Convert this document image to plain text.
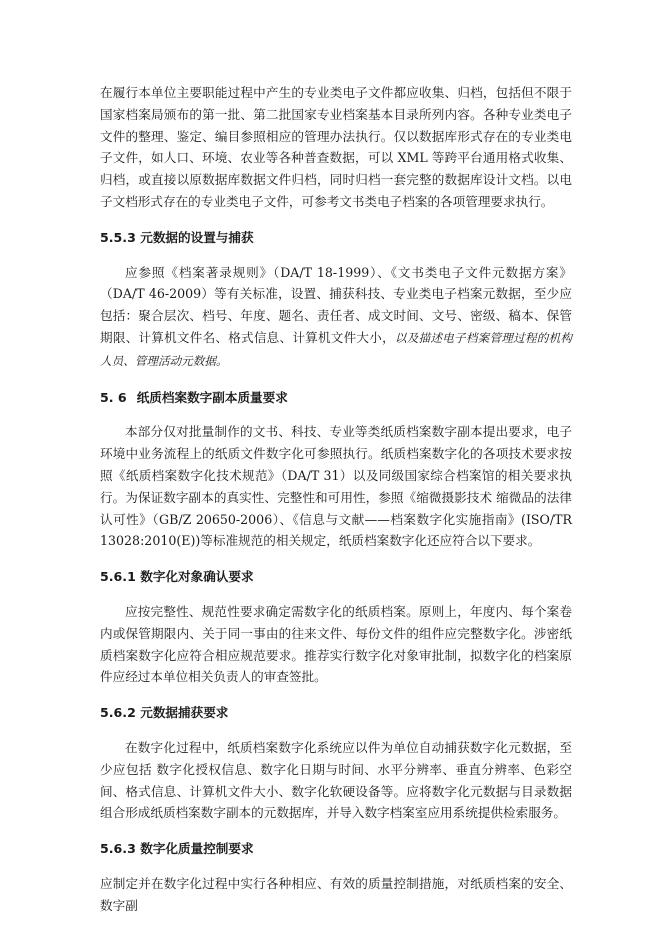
在履行本单位主要职能过程中产生的专业类电子文件都应收集、归档，包括但不限于国家档案局颁布的第一批、第二批国家专业档案基本目录所列内容。各种专业类电子文件的整理、鉴定、编目参照相应的管理办法执行。仅以数据库形式存在的专业类电子文件，如人口、环境、农业等各种普查数据，可以 XML 等跨平台通用格式收集、归档，或直接以原数据库数据文件归档，同时归档一套完整的数据库设计文档。以电子文档形式存在的专业类电子文件，可参考文书类电子档案的各项管理要求执行。

5.5.3 元数据的设置与捕获

应参照《档案著录规则》（DA/T 18-1999）、《文书类电子文件元数据方案》（DA/T 46-2009）等有关标准，设置、捕获科技、专业类电子档案元数据，至少应包括：聚合层次、档号、年度、题名、责任者、成文时间、文号、密级、稿本、保管期限、计算机文件名、格式信息、计算机文件大小，以及描述电子档案管理过程的机构人员、管理活动元数据。

5. 6 纸质档案数字副本质量要求

本部分仅对批量制作的文书、科技、专业等类纸质档案数字副本提出要求，电子环境中业务流程上的纸质文件数字化可参照执行。纸质档案数字化的各项技术要求按照《纸质档案数字化技术规范》（DA/T 31）以及同级国家综合档案馆的相关要求执行。为保证数字副本的真实性、完整性和可用性，参照《缩微摄影技术 缩微品的法律认可性》（GB/Z 20650-2006）、《信息与文献——档案数字化实施指南》(ISO/TR 13028:2010(E))等标准规范的相关规定，纸质档案数字化还应符合以下要求。

5.6.1 数字化对象确认要求

应按完整性、规范性要求确定需数字化的纸质档案。原则上，年度内、每个案卷内或保管期限内、关于同一事由的往来文件、每份文件的组件应完整数字化。涉密纸质档案数字化应符合相应规范要求。推荐实行数字化对象审批制，拟数字化的档案原件应经过本单位相关负责人的审查签批。

5.6.2 元数据捕获要求

在数字化过程中，纸质档案数字化系统应以件为单位自动捕获数字化元数据，至少应包括 数字化授权信息、数字化日期与时间、水平分辨率、垂直分辨率、色彩空间、格式信息、计算机文件大小、数字化软硬设备等。应将数字化元数据与目录数据组合形成纸质档案数字副本的元数据库，并导入数字档案室应用系统提供检索服务。

5.6.3 数字化质量控制要求

应制定并在数字化过程中实行各种相应、有效的质量控制措施，对纸质档案的安全、数字副
